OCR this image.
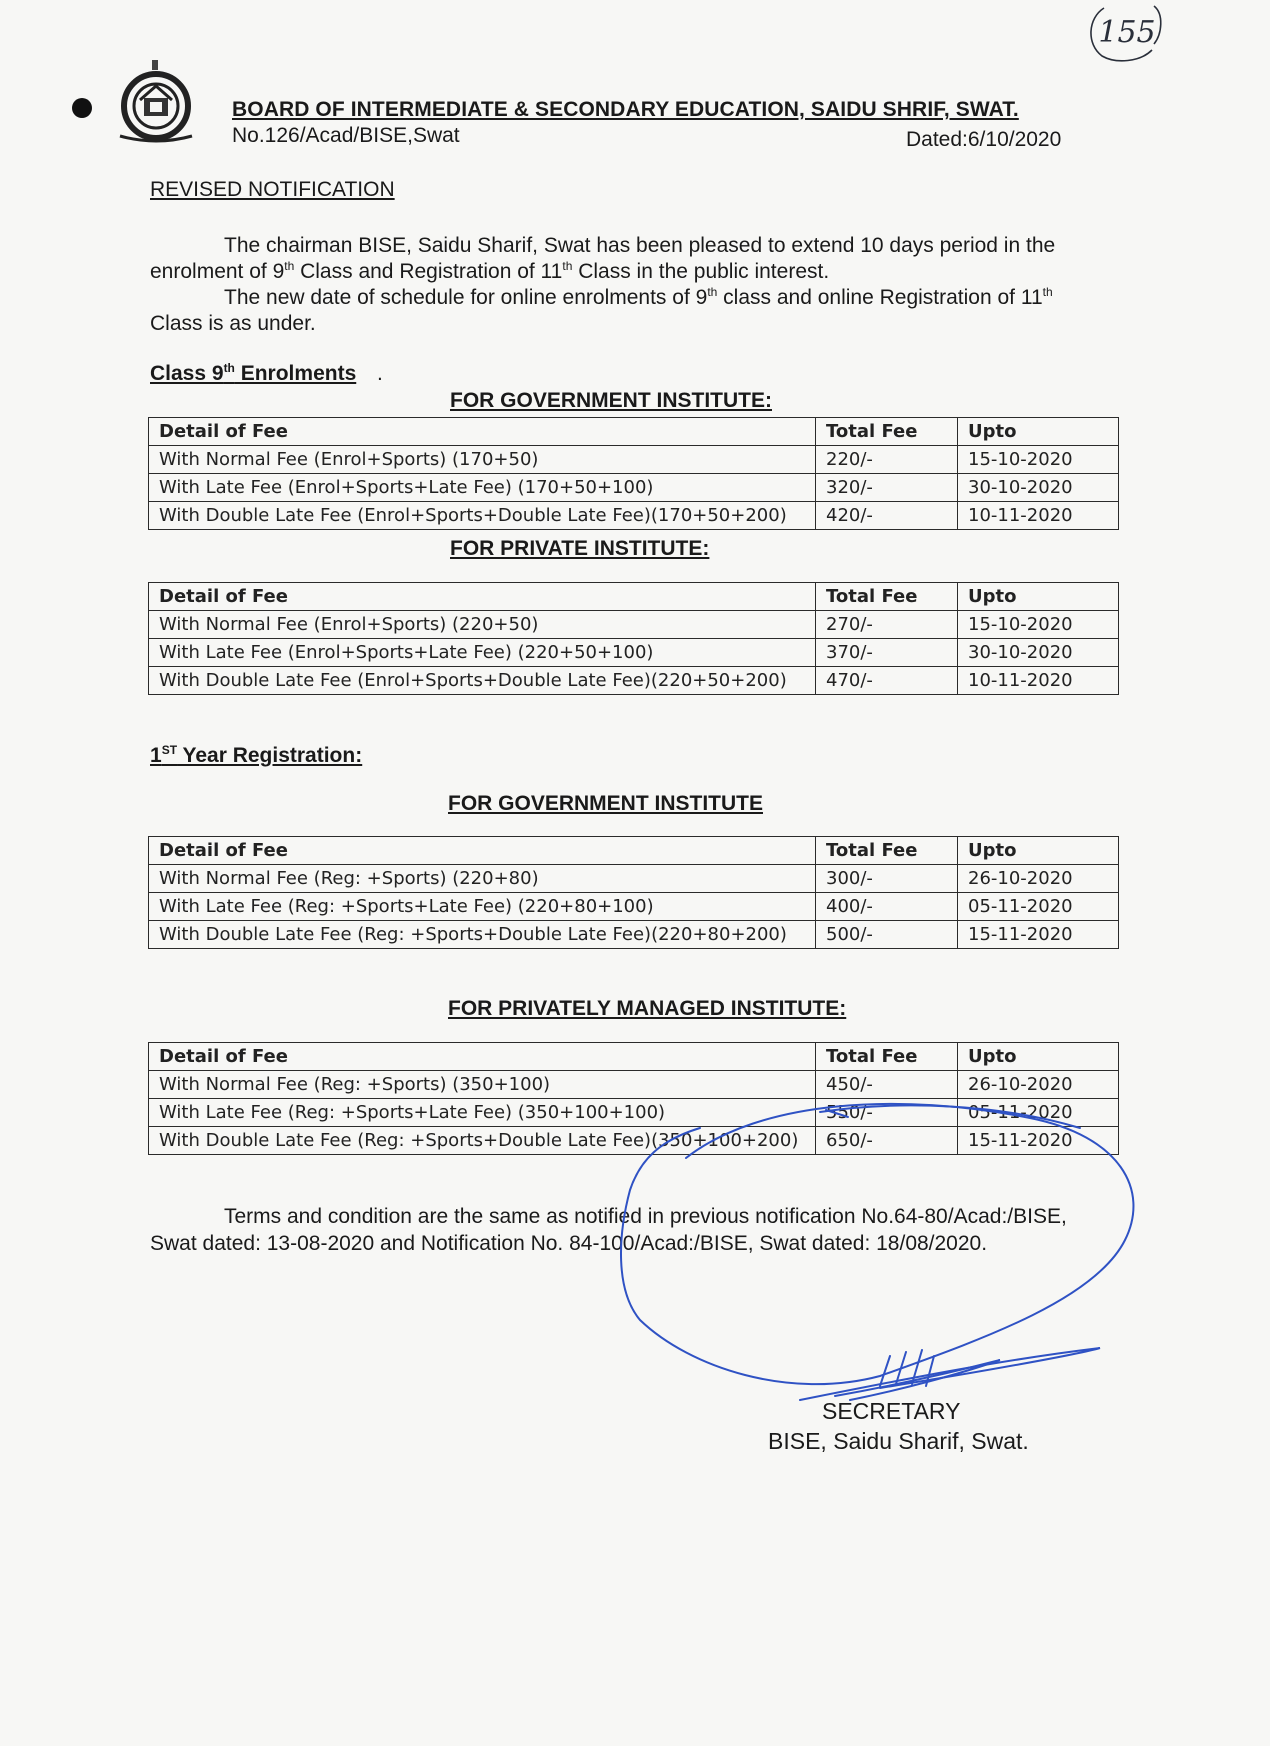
155
BOARD OF INTERMEDIATE & SECONDARY EDUCATION, SAIDU SHRIF, SWAT.
No.126/Acad/BISE,Swat	Dated:6/10/2020
REVISED NOTIFICATION
The chairman BISE, Saidu Sharif, Swat has been pleased to extend 10 days period in the enrolment of 9th Class and Registration of 11th Class in the public interest.
The new date of schedule for online enrolments of 9th class and online Registration of 11th Class is as under.
Class 9th Enrolments .
FOR GOVERNMENT INSTITUTE:
Detail of Fee	Total Fee	Upto
With Normal Fee (Enrol+Sports) (170+50)	220/-	15-10-2020
With Late Fee (Enrol+Sports+Late Fee) (170+50+100)	320/-	30-10-2020
With Double Late Fee (Enrol+Sports+Double Late Fee)(170+50+200)	420/-	10-11-2020
FOR PRIVATE INSTITUTE:
Detail of Fee	Total Fee	Upto
With Normal Fee (Enrol+Sports) (220+50)	270/-	15-10-2020
With Late Fee (Enrol+Sports+Late Fee) (220+50+100)	370/-	30-10-2020
With Double Late Fee (Enrol+Sports+Double Late Fee)(220+50+200)	470/-	10-11-2020
1ST Year Registration:
FOR GOVERNMENT INSTITUTE
Detail of Fee	Total Fee	Upto
With Normal Fee (Reg: +Sports) (220+80)	300/-	26-10-2020
With Late Fee (Reg: +Sports+Late Fee) (220+80+100)	400/-	05-11-2020
With Double Late Fee (Reg: +Sports+Double Late Fee)(220+80+200)	500/-	15-11-2020
FOR PRIVATELY MANAGED INSTITUTE:
Detail of Fee	Total Fee	Upto
With Normal Fee (Reg: +Sports) (350+100)	450/-	26-10-2020
With Late Fee (Reg: +Sports+Late Fee) (350+100+100)	550/-	05-11-2020
With Double Late Fee (Reg: +Sports+Double Late Fee)(350+100+200)	650/-	15-11-2020
Terms and condition are the same as notified in previous notification No.64-80/Acad:/BISE, Swat dated: 13-08-2020 and Notification No. 84-100/Acad:/BISE, Swat dated: 18/08/2020.
SECRETARY
BISE, Saidu Sharif, Swat.
